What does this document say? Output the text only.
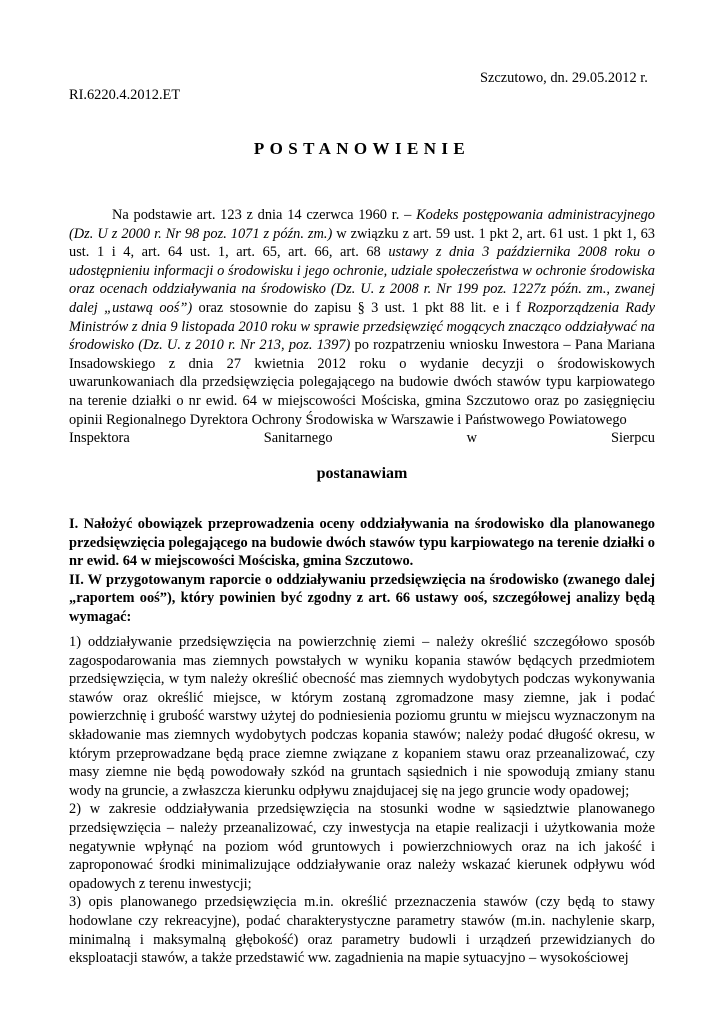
Szczutowo, dn. 29.05.2012 r.
RI.6220.4.2012.ET
POSTANOWIENIE

Na podstawie art. 123 z dnia 14 czerwca 1960 r. – Kodeks postępowania administracyjnego (Dz. U z 2000 r. Nr 98 poz. 1071 z późn. zm.) w związku z art. 59 ust. 1 pkt 2, art. 61 ust. 1 pkt 1, 63 ust. 1 i 4, art. 64 ust. 1, art. 65, art. 66, art. 68 ustawy z dnia 3 października 2008 roku o udostępnieniu informacji o środowisku i jego ochronie, udziale społeczeństwa w ochronie środowiska oraz ocenach oddziaływania na środowisko (Dz. U. z 2008 r. Nr 199 poz. 1227z późn. zm., zwanej dalej „ustawą ooś”) oraz stosownie do zapisu § 3 ust. 1 pkt 88 lit. e i f Rozporządzenia Rady Ministrów z dnia 9 listopada 2010 roku w sprawie przedsięwzięć mogących znacząco oddziaływać na środowisko (Dz. U. z 2010 r. Nr 213, poz. 1397) po rozpatrzeniu wniosku Inwestora – Pana Mariana Insadowskiego z dnia 27 kwietnia 2012 roku o wydanie decyzji o środowiskowych uwarunkowaniach dla przedsięwzięcia polegającego na budowie dwóch stawów typu karpiowatego na terenie działki o nr ewid. 64 w miejscowości Mościska, gmina Szczutowo oraz po zasięgnięciu opinii Regionalnego Dyrektora Ochrony Środowiska w Warszawie i Państwowego Powiatowego

Inspektora Sanitarnego w Sierpcu

postanawiam

I. Nałożyć obowiązek przeprowadzenia oceny oddziaływania na środowisko dla planowanego przedsięwzięcia polegającego na budowie dwóch stawów typu karpiowatego na terenie działki o nr ewid. 64 w miejscowości Mościska, gmina Szczutowo.

II. W przygotowanym raporcie o oddziaływaniu przedsięwzięcia na środowisko (zwanego dalej „raportem ooś”), który powinien być zgodny z art. 66 ustawy ooś, szczegółowej analizy będą wymagać:

1) oddziaływanie przedsięwzięcia na powierzchnię ziemi – należy określić szczegółowo sposób zagospodarowania mas ziemnych powstałych w wyniku kopania stawów będących przedmiotem przedsięwzięcia, w tym należy określić obecność mas ziemnych wydobytych podczas wykonywania stawów oraz określić miejsce, w którym zostaną zgromadzone masy ziemne, jak i podać powierzchnię i grubość warstwy użytej do podniesienia poziomu gruntu w miejscu wyznaczonym na składowanie mas ziemnych wydobytych podczas kopania stawów; należy podać długość okresu, w którym przeprowadzane będą prace ziemne związane z kopaniem stawu oraz przeanalizować, czy masy ziemne nie będą powodowały szkód na gruntach sąsiednich i nie spowodują zmiany stanu wody na gruncie, a zwłaszcza kierunku odpływu znajdujacej się na jego gruncie wody opadowej;

2) w zakresie oddziaływania przedsięwzięcia na stosunki wodne w sąsiedztwie planowanego przedsięwzięcia – należy przeanalizować, czy inwestycja na etapie realizacji i użytkowania może negatywnie wpłynąć na poziom wód gruntowych i powierzchniowych oraz na ich jakość i zaproponować środki minimalizujące oddziaływanie oraz należy wskazać kierunek odpływu wód opadowych z terenu inwestycji;

3) opis planowanego przedsięwzięcia m.in. określić przeznaczenia stawów (czy będą to stawy hodowlane czy rekreacyjne), podać charakterystyczne parametry stawów (m.in. nachylenie skarp, minimalną i maksymalną głębokość) oraz parametry budowli i urządzeń przewidzianych do eksploatacji stawów, a także przedstawić ww. zagadnienia na mapie sytuacyjno – wysokościowej
